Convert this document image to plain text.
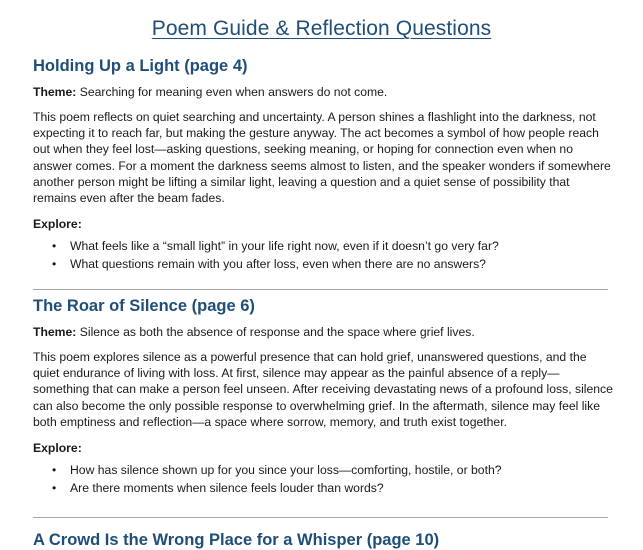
Poem Guide & Reflection Questions
Holding Up a Light (page 4)

Theme: Searching for meaning even when answers do not come.

This poem reflects on quiet searching and uncertainty. A person shines a flashlight into the darkness, not expecting it to reach far, but making the gesture anyway. The act becomes a symbol of how people reach out when they feel lost—asking questions, seeking meaning, or hoping for connection even when no answer comes. For a moment the darkness seems almost to listen, and the speaker wonders if somewhere another person might be lifting a similar light, leaving a question and a quiet sense of possibility that remains even after the beam fades.

Explore:

• What feels like a “small light” in your life right now, even if it doesn’t go very far?
• What questions remain with you after loss, even when there are no answers?
The Roar of Silence (page 6)

Theme: Silence as both the absence of response and the space where grief lives.

This poem explores silence as a powerful presence that can hold grief, unanswered questions, and the quiet endurance of living with loss. At first, silence may appear as the painful absence of a reply—something that can make a person feel unseen. After receiving devastating news of a profound loss, silence can also become the only possible response to overwhelming grief. In the aftermath, silence may feel like both emptiness and reflection—a space where sorrow, memory, and truth exist together.

Explore:

• How has silence shown up for you since your loss—comforting, hostile, or both?
• Are there moments when silence feels louder than words?
A Crowd Is the Wrong Place for a Whisper (page 10)
